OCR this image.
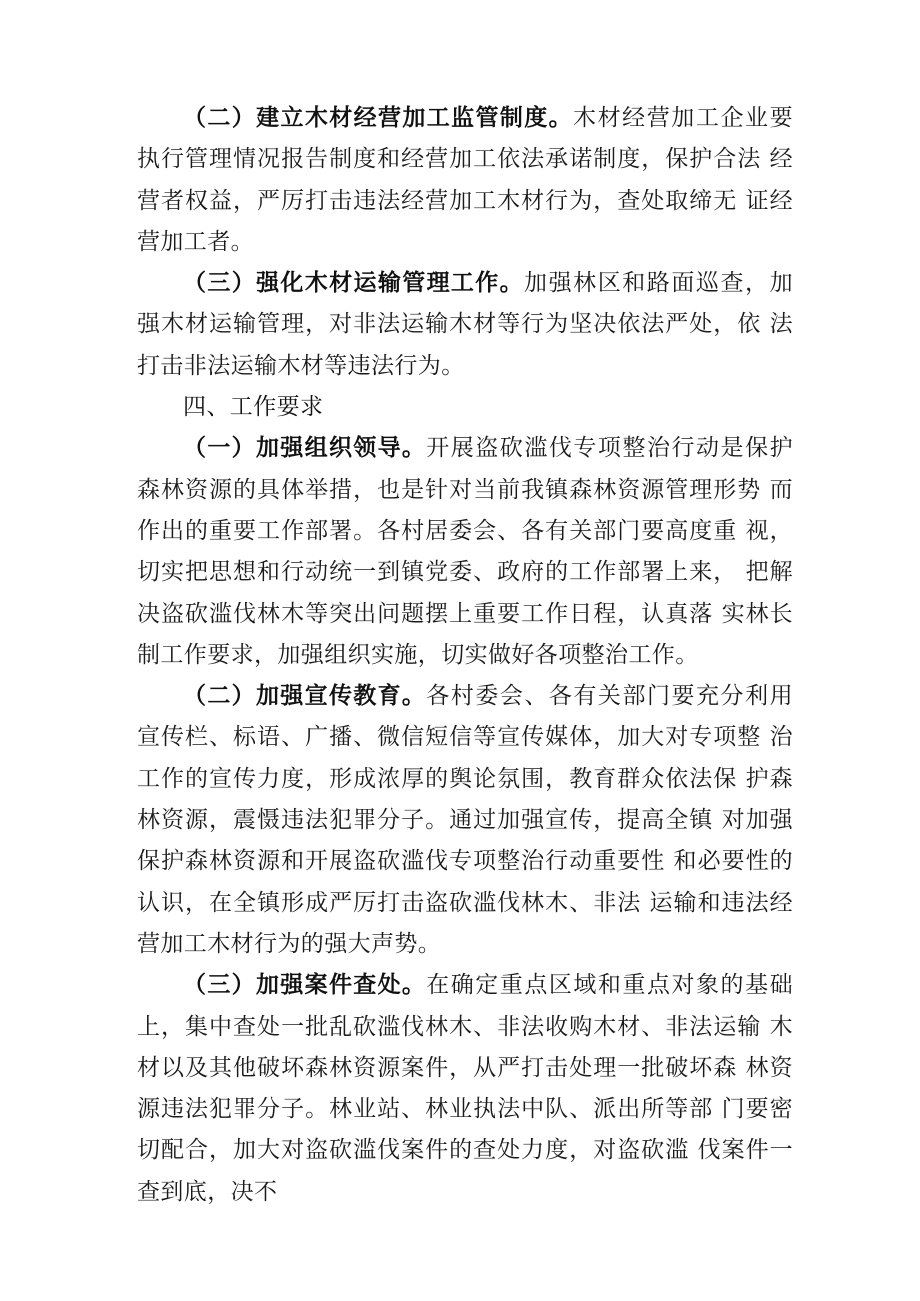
（二）建立木材经营加工监管制度。木材经营加工企业要 执行管理情况报告制度和经营加工依法承诺制度，保护合法 经营者权益，严厉打击违法经营加工木材行为，查处取缔无 证经营加工者。

（三）强化木材运输管理工作。加强林区和路面巡查，加 强木材运输管理，对非法运输木材等行为坚决依法严处，依 法打击非法运输木材等违法行为。

四、工作要求

（一）加强组织领导。开展盗砍滥伐专项整治行动是保护 森林资源的具体举措，也是针对当前我镇森林资源管理形势 而作出的重要工作部署。各村居委会、各有关部门要高度重 视，切实把思想和行动统一到镇党委、政府的工作部署上来， 把解决盗砍滥伐林木等突出问题摆上重要工作日程，认真落 实林长制工作要求，加强组织实施，切实做好各项整治工作。

（二）加强宣传教育。各村委会、各有关部门要充分利用 宣传栏、标语、广播、微信短信等宣传媒体，加大对专项整 治工作的宣传力度，形成浓厚的舆论氛围，教育群众依法保 护森林资源，震慑违法犯罪分子。通过加强宣传，提高全镇 对加强保护森林资源和开展盗砍滥伐专项整治行动重要性 和必要性的认识，在全镇形成严厉打击盗砍滥伐林木、非法 运输和违法经营加工木材行为的强大声势。

（三）加强案件查处。在确定重点区域和重点对象的基础 上，集中查处一批乱砍滥伐林木、非法收购木材、非法运输 木材以及其他破坏森林资源案件，从严打击处理一批破坏森 林资源违法犯罪分子。林业站、林业执法中队、派出所等部 门要密切配合，加大对盗砍滥伐案件的查处力度，对盗砍滥 伐案件一查到底，决不
